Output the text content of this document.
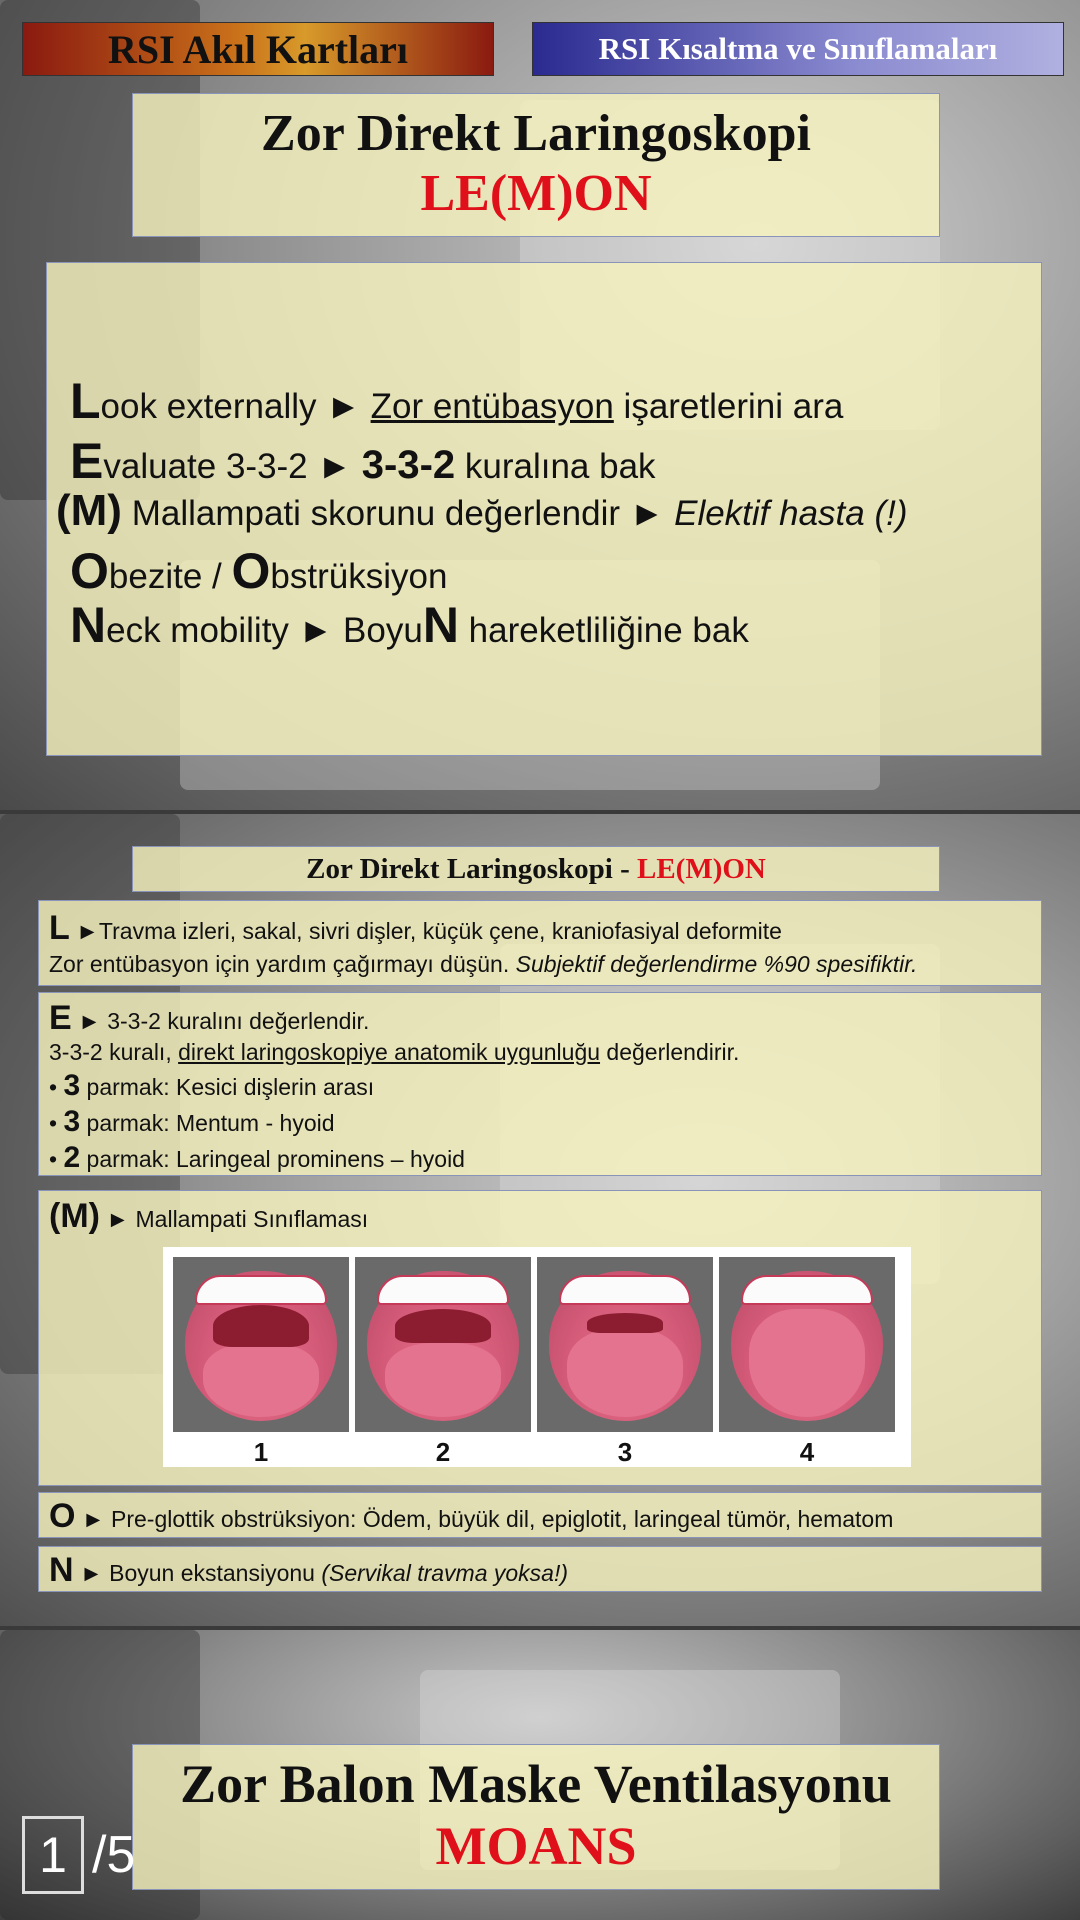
RSI Akıl Kartları	RSI Kısaltma ve Sınıflamaları
Zor Direkt Laringoskopi
LE(M)ON
Look externally ► Zor entübasyon işaretlerini ara
Evaluate 3-3-2 ► 3-3-2 kuralına bak
(M) Mallampati skorunu değerlendir ► Elektif hasta (!)
Obezite / Obstrüksiyon
Neck mobility ► BoyuN hareketliliğine bak
Zor Direkt Laringoskopi - LE(M)ON
L ►Travma izleri, sakal, sivri dişler, küçük çene, kraniofasiyal deformite
Zor entübasyon için yardım çağırmayı düşün. Subjektif değerlendirme %90 spesifiktir.
E ► 3-3-2 kuralını değerlendir.
3-3-2 kuralı, direkt laringoskopiye anatomik uygunluğu değerlendirir.
• 3 parmak: Kesici dişlerin arası
• 3 parmak: Mentum - hyoid
• 2 parmak: Laringeal prominens – hyoid
(M) ► Mallampati Sınıflaması
1	2	3	4
O ► Pre-glottik obstrüksiyon: Ödem, büyük dil, epiglotit, laringeal tümör, hematom
N ► Boyun ekstansiyonu (Servikal travma yoksa!)
Zor Balon Maske Ventilasyonu
MOANS
1 /5
